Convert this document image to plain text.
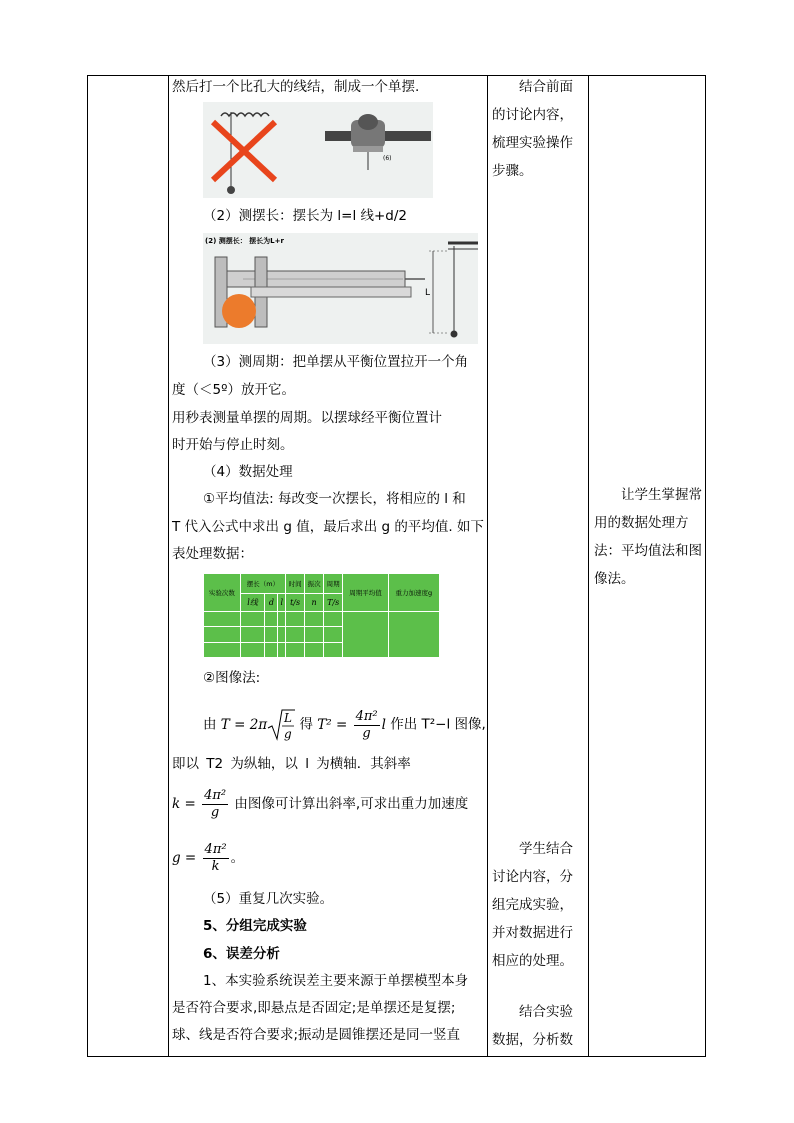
然后打一个比孔大的线结，制成一个单摆.
(6)
（2）测摆长：摆长为 l=l 线+d/2
(2) 测摆长： 摆长为L+r
L
（3）测周期：把单摆从平衡位置拉开一个角
度（＜5º）放开它。
用秒表测量单摆的周期。以摆球经平衡位置计
时开始与停止时刻。
（4）数据处理
①平均值法: 每改变一次摆长，将相应的 l 和
T 代入公式中求出 g 值，最后求出 g 的平均值. 如下
表处理数据：
实验次数	摆长（m）			时间	振次	周期	周期平均值	重力加速度g
	l线	d	l	t/s	n	T/s		

②图像法:
由 T = 2π L
g
得 $T^2 = \frac{\text{4π²}}{g}$ l 作出 T²−l 图像,
即以 T2 为纵轴，以 l 为横轴．其斜率
$k = \frac{\text{4π²}}{g}$ 由图像可计算出斜率,可求出重力加速度
$g = \frac{\text{4π²}}{k}$ 。
（5）重复几次实验。
5、分组完成实验
6、误差分析
1、本实验系统误差主要来源于单摆模型本身
是否符合要求,即悬点是否固定;是单摆还是复摆;
球、线是否符合要求;振动是圆锥摆还是同一竖直
结合前面的讨论内容，梳理实验操作步骤。
学生结合讨论内容，分组完成实验，并对数据进行相应的处理。
结合实验数据，分析数
让学生掌握常用的数据处理方法：平均值法和图像法。
